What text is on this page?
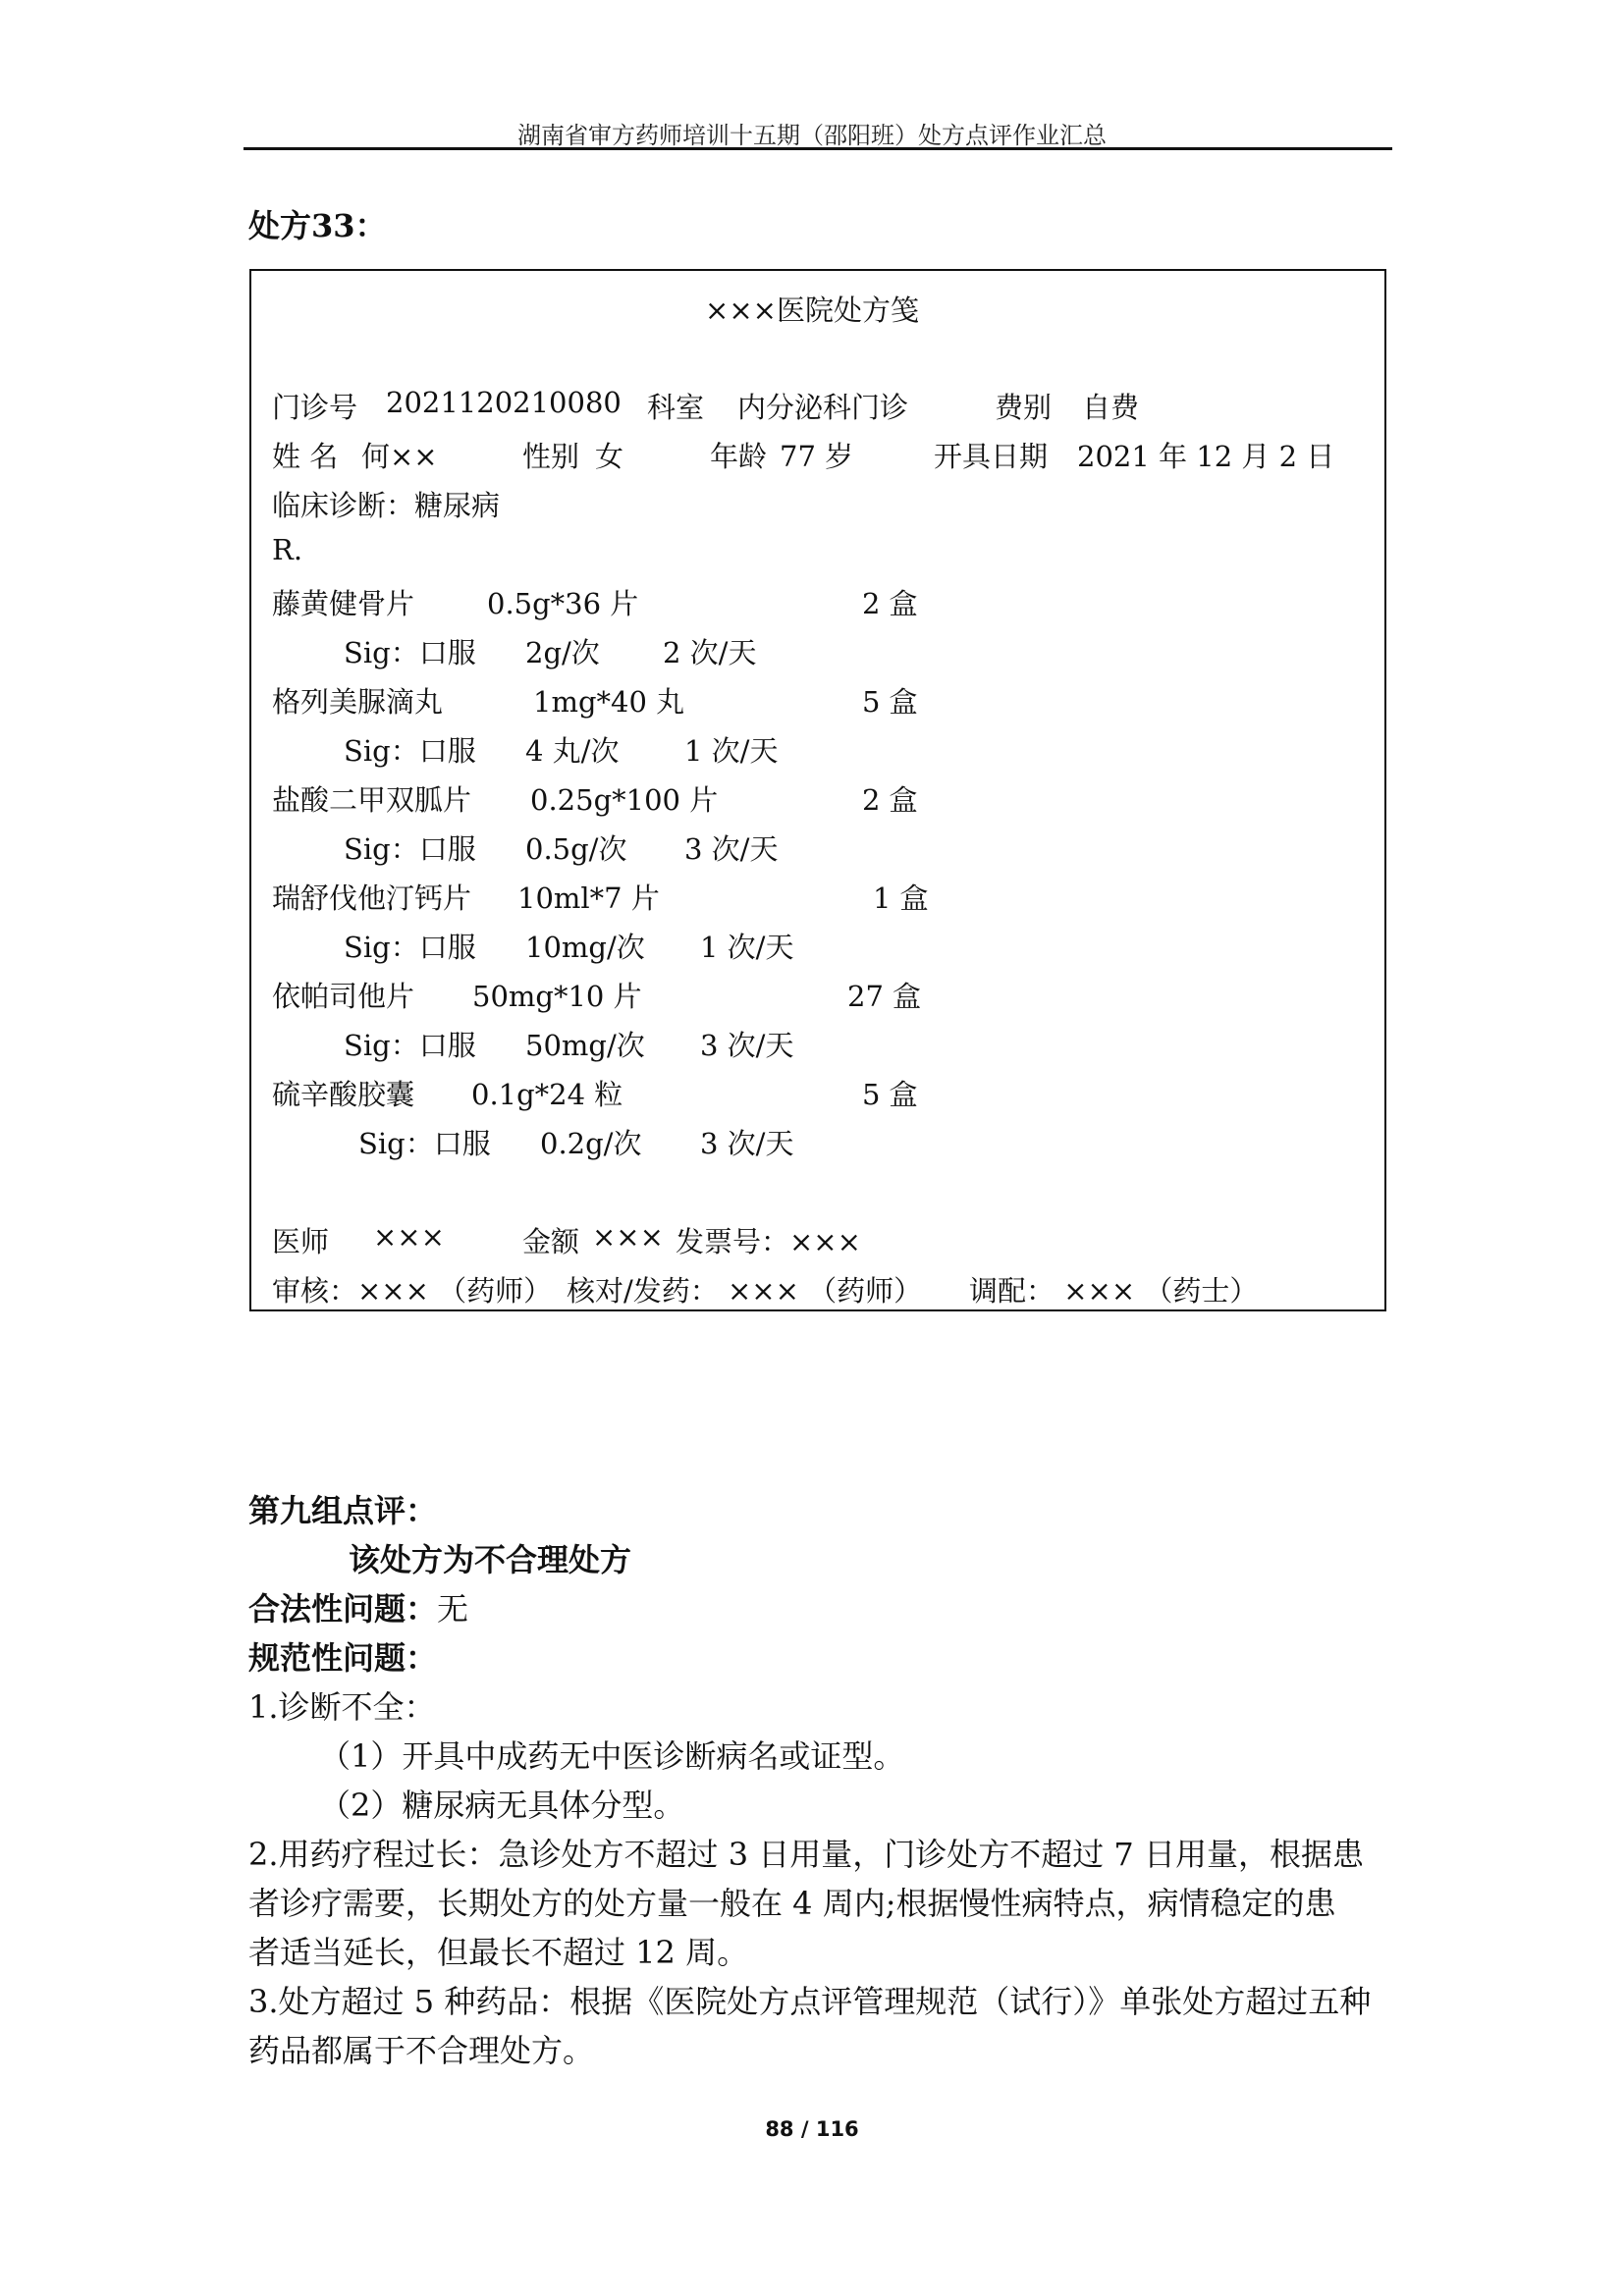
湖南省审方药师培训十五期（邵阳班）处方点评作业汇总
处方33：
×××医院处方笺
门诊号 2021120210080 科室 内分泌科门诊	费别 自费
姓 名 何××	性别 女	年龄 77 岁	开具日期 2021 年 12 月 2 日
临床诊断：糖尿病
R.
藤黄健骨片	0.5g*36 片	2 盒
Sig：口服 2g/次 2 次/天
格列美脲滴丸	1mg*40 丸	5 盒
Sig：口服 4 丸/次 1 次/天
盐酸二甲双胍片 0.25g*100 片	2 盒
Sig：口服 0.5g/次 3 次/天
瑞舒伐他汀钙片 10ml*7 片	1 盒
Sig：口服 10mg/次 1 次/天
依帕司他片 50mg*10 片	27 盒
Sig：口服 50mg/次 3 次/天
硫辛酸胶囊 0.1g*24 粒	5 盒
Sig：口服 0.2g/次 3 次/天
医师 ×××	金额 ××× 发票号：×××
审核：××× （药师） 核对/发药： ××× （药师） 调配： ××× （药士）
第九组点评：
该处方为不合理处方
合法性问题：无
规范性问题：
1.诊断不全：
（1）开具中成药无中医诊断病名或证型。
（2）糖尿病无具体分型。
2.用药疗程过长：急诊处方不超过 3 日用量，门诊处方不超过 7 日用量，根据患
者诊疗需要，长期处方的处方量一般在 4 周内;根据慢性病特点，病情稳定的患
者适当延长，但最长不超过 12 周。
3.处方超过 5 种药品：根据《医院处方点评管理规范（试行）》单张处方超过五种
药品都属于不合理处方。
88 / 116
